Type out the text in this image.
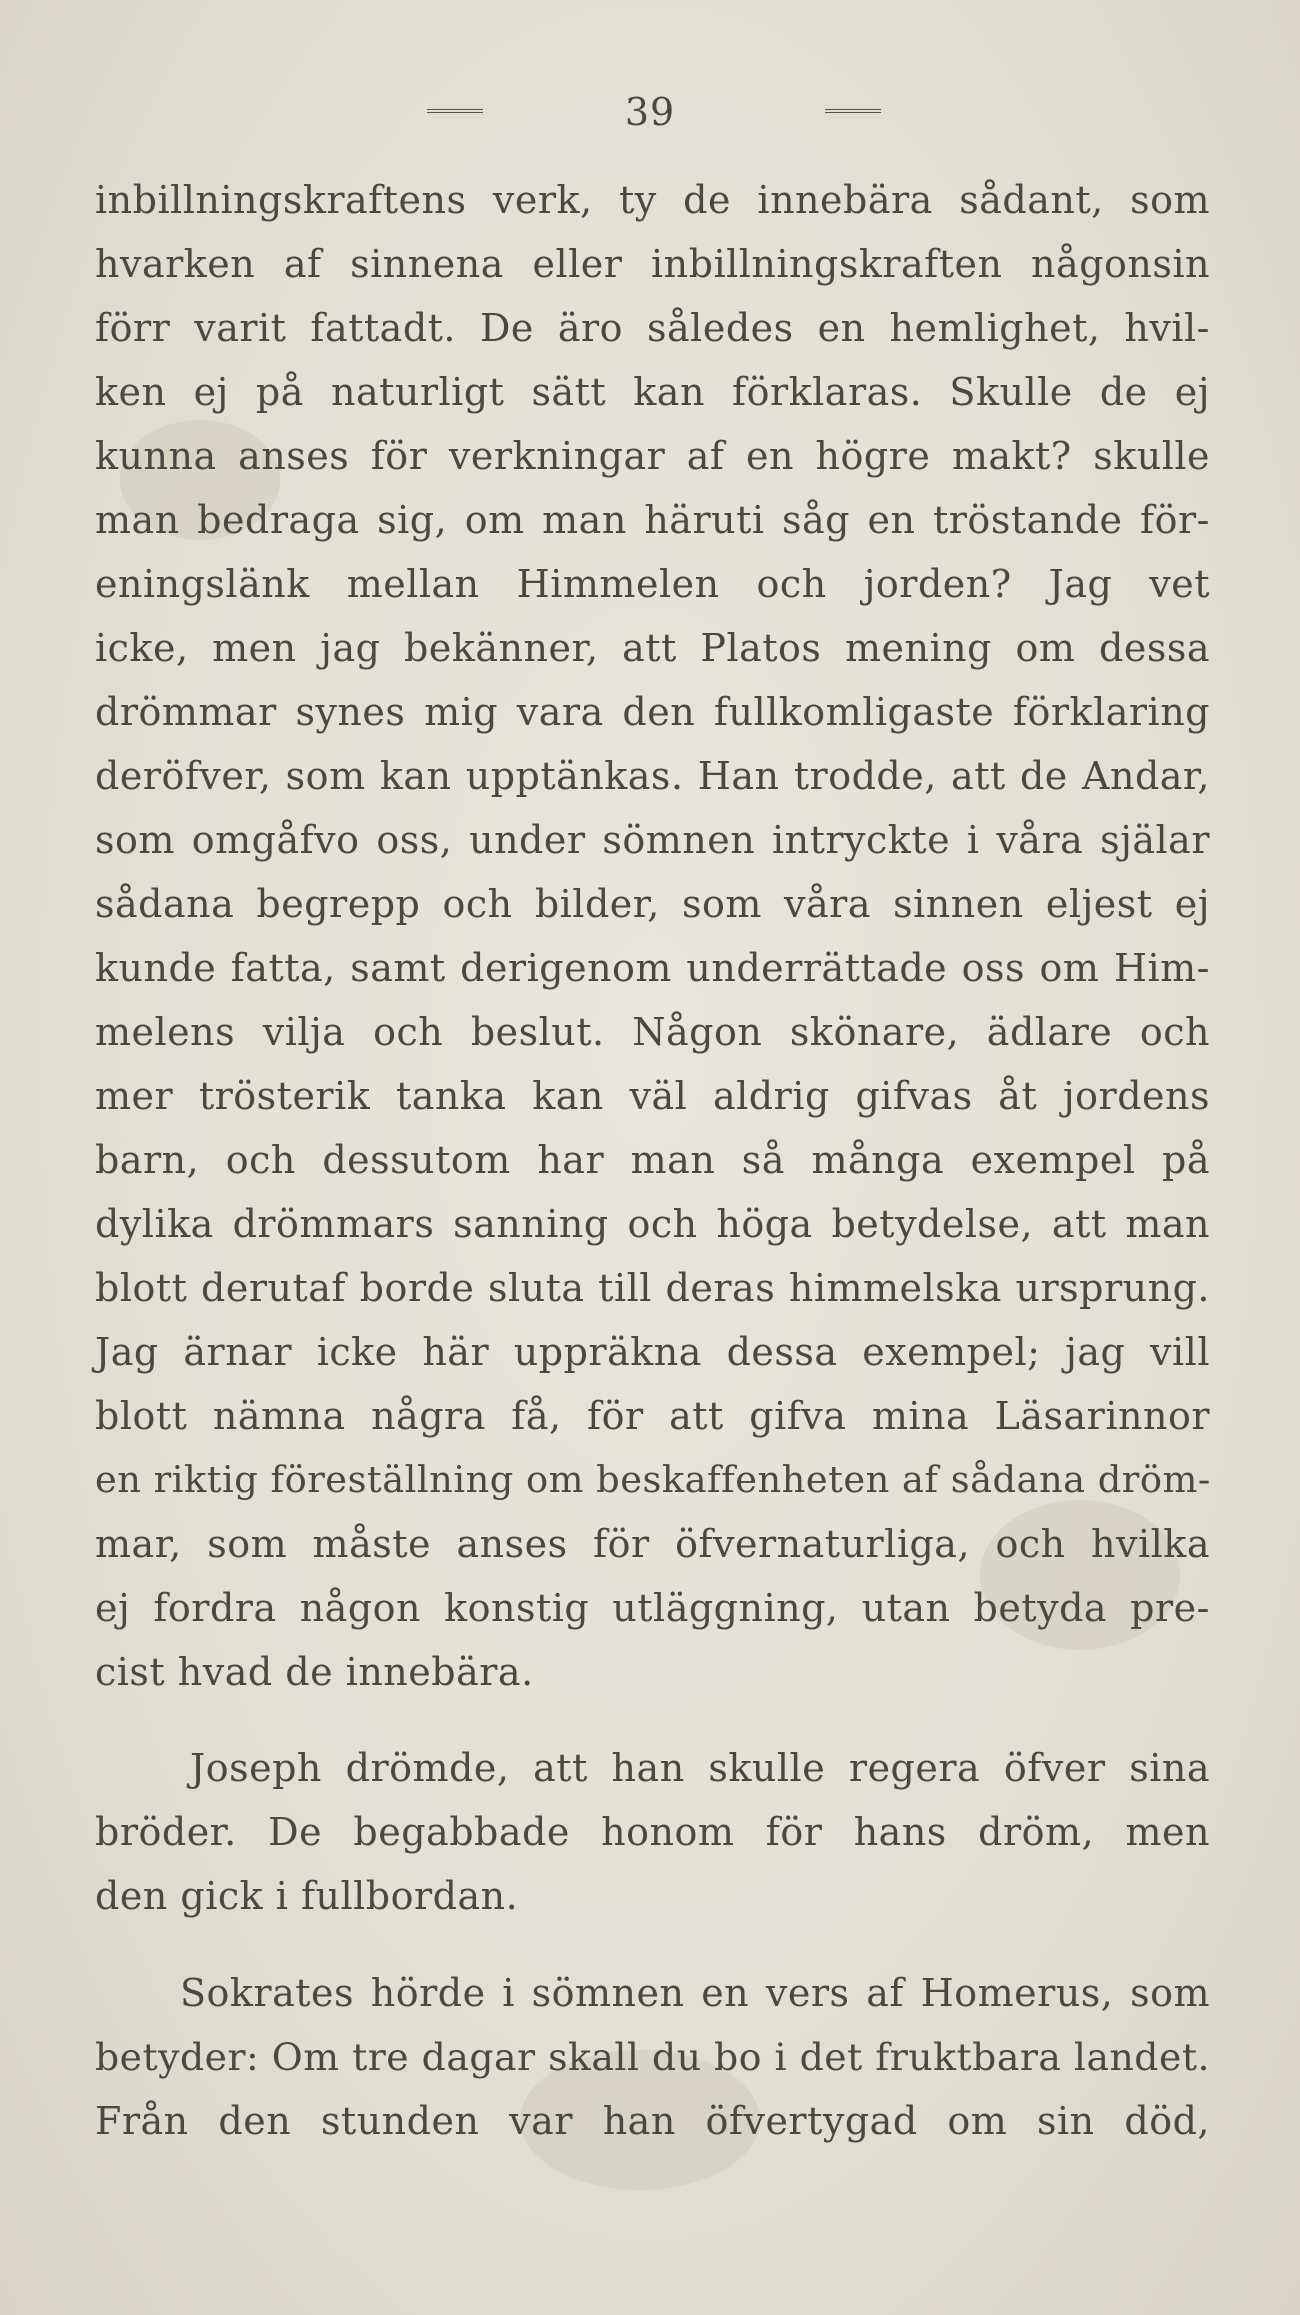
39
inbillningskraftens verk, ty de innebära sådant, som
hvarken af sinnena eller inbillningskraften någonsin
förr varit fattadt. De äro således en hemlighet, hvil-
ken ej på naturligt sätt kan förklaras. Skulle de ej
kunna anses för verkningar af en högre makt? skulle
man bedraga sig, om man häruti såg en tröstande för-
eningslänk mellan Himmelen och jorden? Jag vet
icke, men jag bekänner, att Platos mening om dessa
drömmar synes mig vara den fullkomligaste förklaring
deröfver, som kan upptänkas. Han trodde, att de Andar,
som omgåfvo oss, under sömnen intryckte i våra själar
sådana begrepp och bilder, som våra sinnen eljest ej
kunde fatta, samt derigenom underrättade oss om Him-
melens vilja och beslut. Någon skönare, ädlare och
mer trösterik tanka kan väl aldrig gifvas åt jordens
barn, och dessutom har man så många exempel på
dylika drömmars sanning och höga betydelse, att man
blott derutaf borde sluta till deras himmelska ursprung.
Jag ärnar icke här uppräkna dessa exempel; jag vill
blott nämna några få, för att gifva mina Läsarinnor
en riktig föreställning om beskaffenheten af sådana dröm-
mar, som måste anses för öfvernaturliga, och hvilka
ej fordra någon konstig utläggning, utan betyda pre-
cist hvad de innebära.
Joseph drömde, att han skulle regera öfver sina
bröder. De begabbade honom för hans dröm, men
den gick i fullbordan.
Sokrates hörde i sömnen en vers af Homerus, som
betyder: Om tre dagar skall du bo i det fruktbara landet.
Från den stunden var han öfvertygad om sin död,
